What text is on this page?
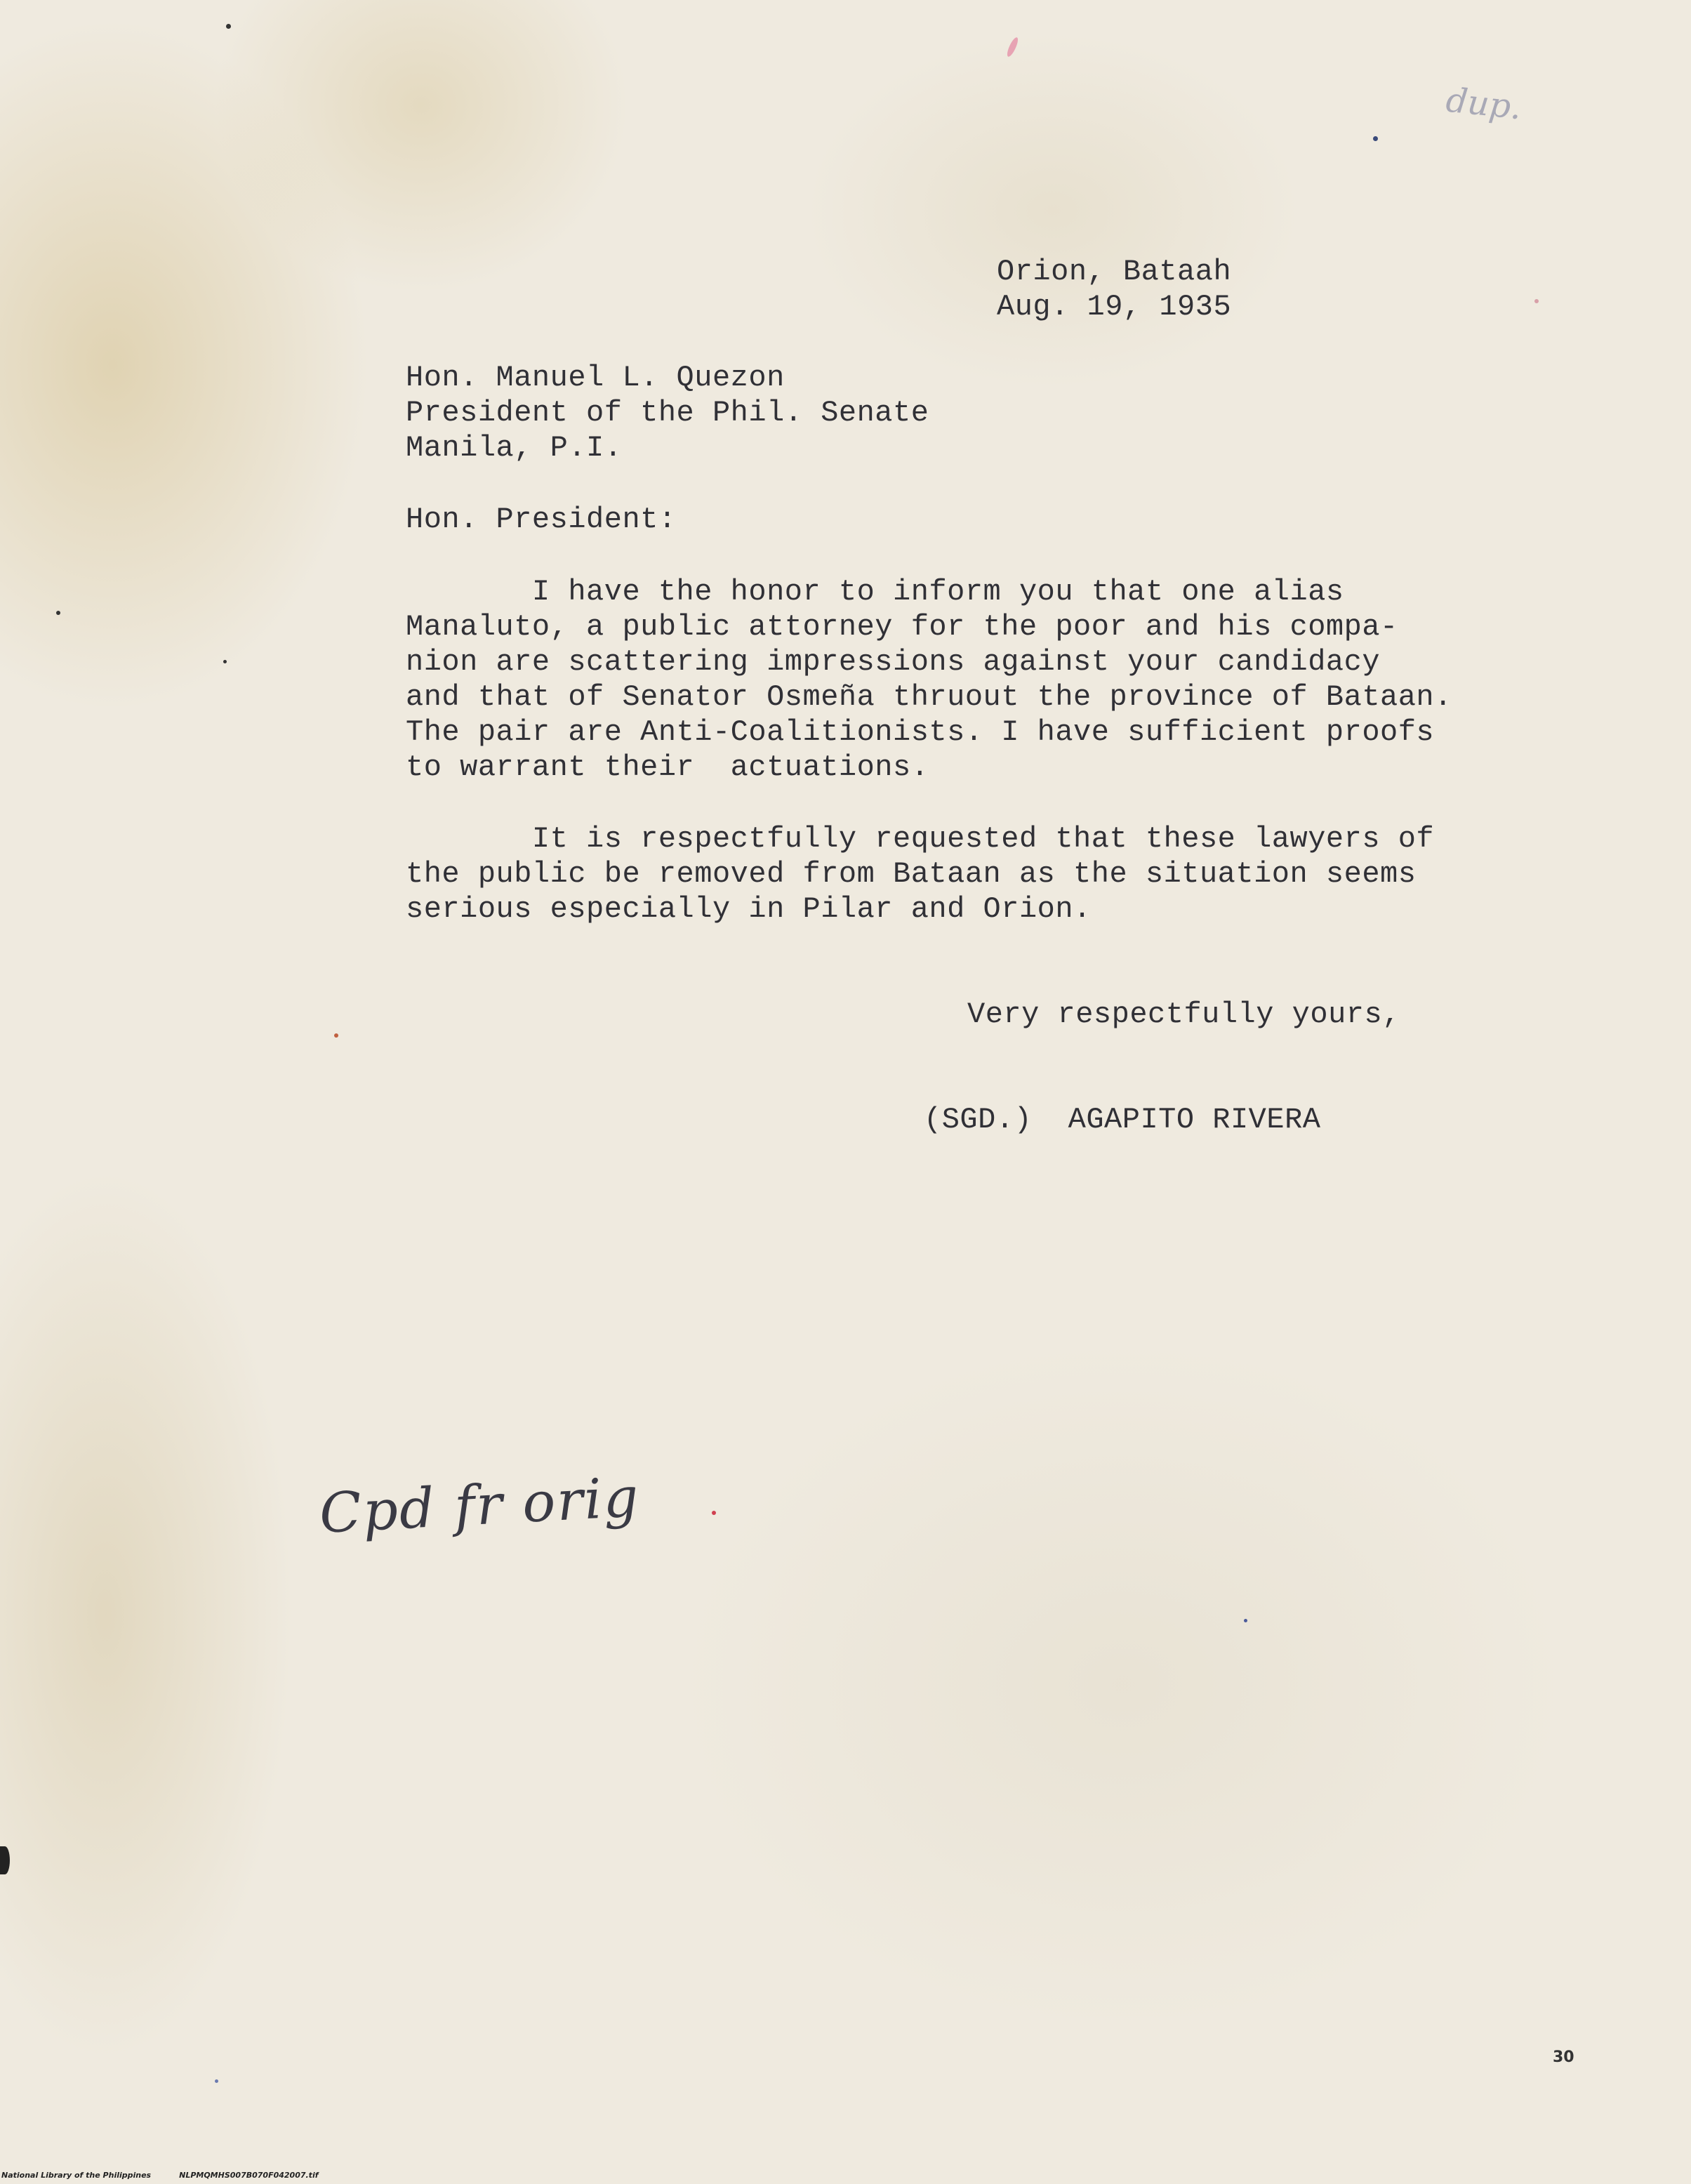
Orion, Bataah

Aug. 19, 1935

Hon. Manuel L. Quezon

President of the Phil. Senate

Manila, P.I.

Hon. President:

I have the honor to inform you that one alias

Manaluto, a public attorney for the poor and his compa-

nion are scattering impressions against your candidacy

and that of Senator Osmeña thruout the province of Bataan.

The pair are Anti-Coalitionists. I have sufficient proofs

to warrant their  actuations.

It is respectfully requested that these lawyers of

the public be removed from Bataan as the situation seems

serious especially in Pilar and Orion.

Very respectfully yours,

(SGD.)  AGAPITO RIVERA

Cpd fr orig
dup.
30
National Library of the Philippines	NLPMQMHS007B070F042007.tif
